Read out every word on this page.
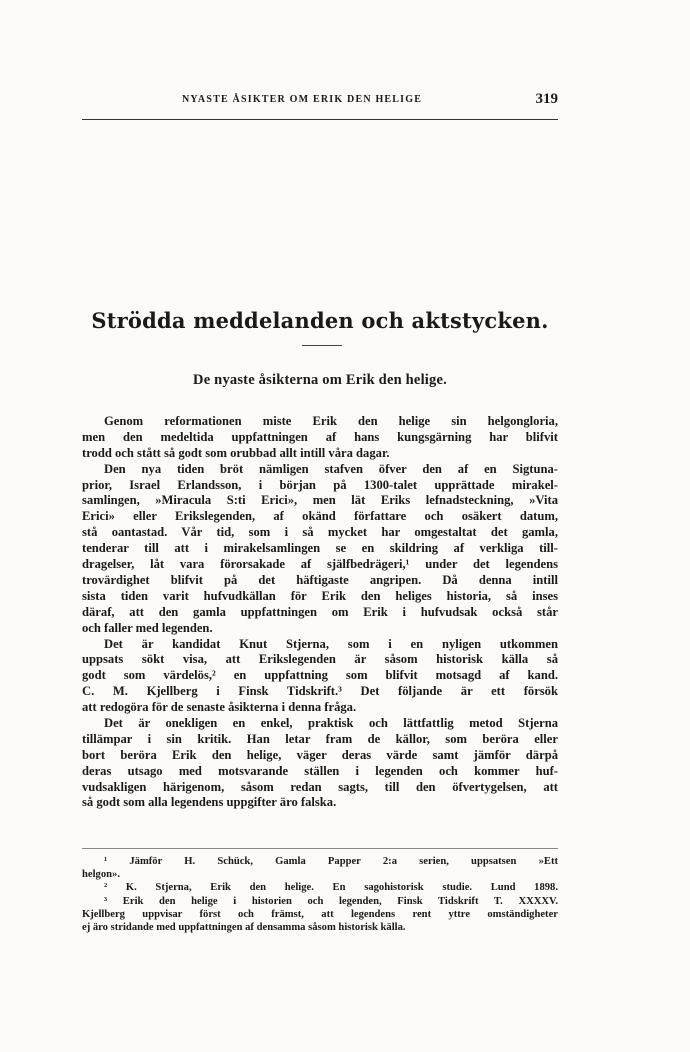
NYASTE ÅSIKTER OM ERIK DEN HELIGE	319
Strödda meddelanden och aktstycken.
De nyaste åsikterna om Erik den helige.
Genom reformationen miste Erik den helige sin helgongloria,
men den medeltida uppfattningen af hans kungsgärning har blifvit
trodd och stått så godt som orubbad allt intill våra dagar.
Den nya tiden bröt nämligen stafven öfver den af en Sigtuna-
prior, Israel Erlandsson, i början på 1300-talet upprättade mirakel-
samlingen, »Miracula S:ti Erici», men lät Eriks lefnadsteckning, »Vita
Erici» eller Erikslegenden, af okänd författare och osäkert datum,
stå oantastad. Vår tid, som i så mycket har omgestaltat det gamla,
tenderar till att i mirakelsamlingen se en skildring af verkliga till-
dragelser, låt vara förorsakade af själfbedrägeri,¹ under det legendens
trovärdighet blifvit på det häftigaste angripen. Då denna intill
sista tiden varit hufvudkällan för Erik den heliges historia, så inses
däraf, att den gamla uppfattningen om Erik i hufvudsak också står
och faller med legenden.
Det är kandidat Knut Stjerna, som i en nyligen utkommen
uppsats sökt visa, att Erikslegenden är såsom historisk källa så
godt som värdelös,² en uppfattning som blifvit motsagd af kand.
C. M. Kjellberg i Finsk Tidskrift.³ Det följande är ett försök
att redogöra för de senaste åsikterna i denna fråga.
Det är onekligen en enkel, praktisk och lättfattlig metod Stjerna
tillämpar i sin kritik. Han letar fram de källor, som beröra eller
bort beröra Erik den helige, väger deras värde samt jämför därpå
deras utsago med motsvarande ställen i legenden och kommer huf-
vudsakligen härigenom, såsom redan sagts, till den öfvertygelsen, att
så godt som alla legendens uppgifter äro falska.
¹ Jämför H. Schück, Gamla Papper 2:a serien, uppsatsen »Ett
helgon».
² K. Stjerna, Erik den helige. En sagohistorisk studie. Lund 1898.
³ Erik den helige i historien och legenden, Finsk Tidskrift T. XXXXV.
Kjellberg uppvisar först och främst, att legendens rent yttre omständigheter
ej äro stridande med uppfattningen af densamma såsom historisk källa.
